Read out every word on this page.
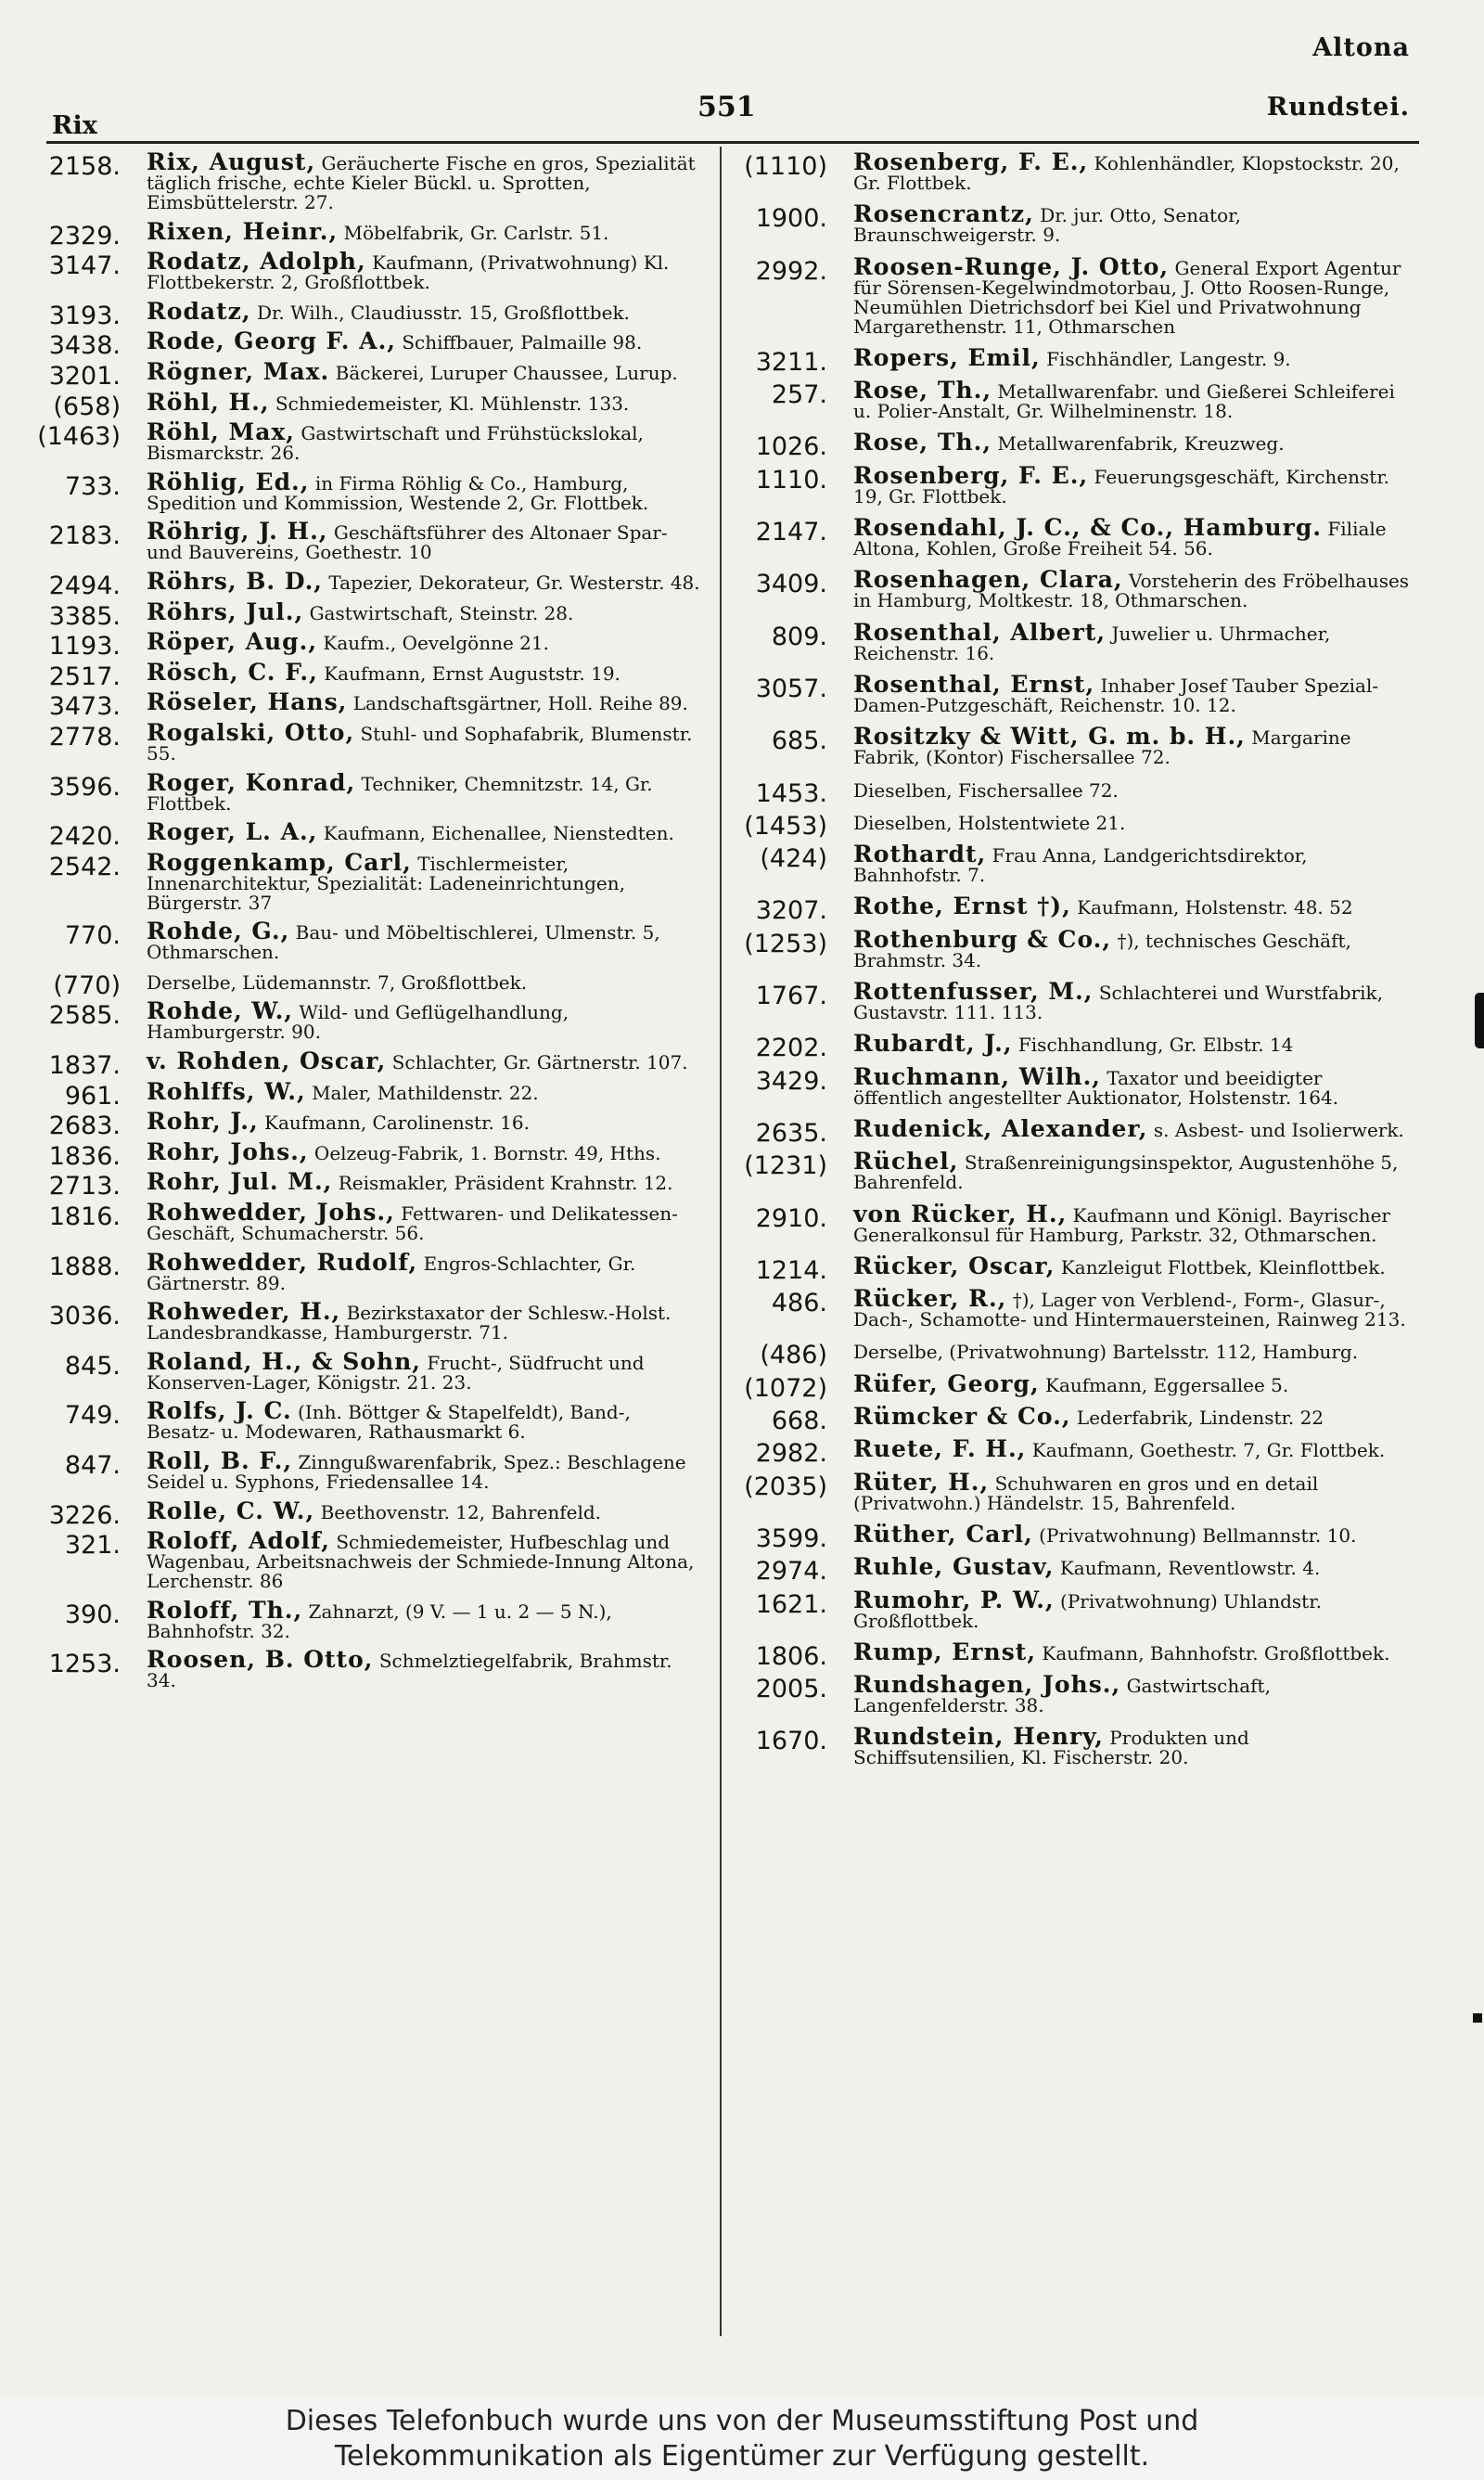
Altona
551
Rix
Rundstei.
2158. Rix, August, Geräucherte Fische en gros, Spezialität täglich frische, echte Kieler Bückl. u. Sprotten, Eimsbüttelerstr. 27.
2329. Rixen, Heinr., Möbelfabrik, Gr. Carlstr. 51.
3147. Rodatz, Adolph, Kaufmann, (Privatwohnung) Kl. Flottbekerstr. 2, Großflottbek.
3193. Rodatz, Dr. Wilh., Claudiusstr. 15, Großflottbek.
3438. Rode, Georg F. A., Schiffbauer, Palmaille 98.
3201. Rögner, Max. Bäckerei, Luruper Chaussee, Lurup.
(658) Röhl, H., Schmiedemeister, Kl. Mühlenstr. 133.
(1463) Röhl, Max, Gastwirtschaft und Frühstückslokal, Bismarckstr. 26.
733. Röhlig, Ed., in Firma Röhlig & Co., Hamburg, Spedition und Kommission, Westende 2, Gr. Flottbek.
2183. Röhrig, J. H., Geschäftsführer des Altonaer Spar- und Bauvereins, Goethestr. 10
2494. Röhrs, B. D., Tapezier, Dekorateur, Gr. Westerstr. 48.
3385. Röhrs, Jul., Gastwirtschaft, Steinstr. 28.
1193. Röper, Aug., Kaufm., Oevelgönne 21.
2517. Rösch, C. F., Kaufmann, Ernst Auguststr. 19.
3473. Röseler, Hans, Landschaftsgärtner, Holl. Reihe 89.
2778. Rogalski, Otto, Stuhl- und Sophafabrik, Blumenstr. 55.
3596. Roger, Konrad, Techniker, Chemnitzstr. 14, Gr. Flottbek.
2420. Roger, L. A., Kaufmann, Eichenallee, Nienstedten.
2542. Roggenkamp, Carl, Tischlermeister, Innenarchitektur, Spezialität: Ladeneinrichtungen, Bürgerstr. 37
770. Rohde, G., Bau- und Möbeltischlerei, Ulmenstr. 5, Othmarschen.
(770) Derselbe, Lüdemannstr. 7, Großflottbek.
2585. Rohde, W., Wild- und Geflügelhandlung, Hamburgerstr. 90.
1837. v. Rohden, Oscar, Schlachter, Gr. Gärtnerstr. 107.
961. Rohlffs, W., Maler, Mathildenstr. 22.
2683. Rohr, J., Kaufmann, Carolinenstr. 16.
1836. Rohr, Johs., Oelzeug-Fabrik, 1. Bornstr. 49, Hths.
2713. Rohr, Jul. M., Reismakler, Präsident Krahnstr. 12.
1816. Rohwedder, Johs., Fettwaren- und Delikatessen-Geschäft, Schumacherstr. 56.
1888. Rohwedder, Rudolf, Engros-Schlachter, Gr. Gärtnerstr. 89.
3036. Rohweder, H., Bezirkstaxator der Schlesw.-Holst. Landesbrandkasse, Hamburgerstr. 71.
845. Roland, H., & Sohn, Frucht-, Südfrucht und Konserven-Lager, Königstr. 21. 23.
749. Rolfs, J. C. (Inh. Böttger & Stapelfeldt), Band-, Besatz- u. Modewaren, Rathausmarkt 6.
847. Roll, B. F., Zinngußwarenfabrik, Spez.: Beschlagene Seidel u. Syphons, Friedensallee 14.
3226. Rolle, C. W., Beethovenstr. 12, Bahrenfeld.
321. Roloff, Adolf, Schmiedemeister, Hufbeschlag und Wagenbau, Arbeitsnachweis der Schmiede-Innung Altona, Lerchenstr. 86
390. Roloff, Th., Zahnarzt, (9 V. — 1 u. 2 — 5 N.), Bahnhofstr. 32.
1253. Roosen, B. Otto, Schmelztiegelfabrik, Brahmstr. 34.
(1110) Rosenberg, F. E., Kohlenhändler, Klopstockstr. 20, Gr. Flottbek.
1900. Rosencrantz, Dr. jur. Otto, Senator, Braunschweigerstr. 9.
2992. Roosen-Runge, J. Otto, General Export Agentur für Sörensen-Kegelwindmotorbau, J. Otto Roosen-Runge, Neumühlen Dietrichsdorf bei Kiel und Privatwohnung Margarethenstr. 11, Othmarschen
3211. Ropers, Emil, Fischhändler, Langestr. 9.
257. Rose, Th., Metallwarenfabr. und Gießerei Schleiferei u. Polier-Anstalt, Gr. Wilhelminenstr. 18.
1026. Rose, Th., Metallwarenfabrik, Kreuzweg.
1110. Rosenberg, F. E., Feuerungsgeschäft, Kirchenstr. 19, Gr. Flottbek.
2147. Rosendahl, J. C., & Co., Hamburg. Filiale Altona, Kohlen, Große Freiheit 54. 56.
3409. Rosenhagen, Clara, Vorsteherin des Fröbelhauses in Hamburg, Moltkestr. 18, Othmarschen.
809. Rosenthal, Albert, Juwelier u. Uhrmacher, Reichenstr. 16.
3057. Rosenthal, Ernst, Inhaber Josef Tauber Spezial-Damen-Putzgeschäft, Reichenstr. 10. 12.
685. Rositzky & Witt, G. m. b. H., Margarine Fabrik, (Kontor) Fischersallee 72.
1453. Dieselben, Fischersallee 72.
(1453) Dieselben, Holstentwiete 21.
(424) Rothardt, Frau Anna, Landgerichtsdirektor, Bahnhofstr. 7.
3207. Rothe, Ernst †), Kaufmann, Holstenstr. 48. 52
(1253) Rothenburg & Co., †), technisches Geschäft, Brahmstr. 34.
1767. Rottenfusser, M., Schlachterei und Wurstfabrik, Gustavstr. 111. 113.
2202. Rubardt, J., Fischhandlung, Gr. Elbstr. 14
3429. Ruchmann, Wilh., Taxator und beeidigter öffentlich angestellter Auktionator, Holstenstr. 164.
2635. Rudenick, Alexander, s. Asbest- und Isolierwerk.
(1231) Rüchel, Straßenreinigungsinspektor, Augustenhöhe 5, Bahrenfeld.
2910. von Rücker, H., Kaufmann und Königl. Bayrischer Generalkonsul für Hamburg, Parkstr. 32, Othmarschen.
1214. Rücker, Oscar, Kanzleigut Flottbek, Kleinflottbek.
486. Rücker, R., †), Lager von Verblend-, Form-, Glasur-, Dach-, Schamotte- und Hintermauersteinen, Rainweg 213.
(486) Derselbe, (Privatwohnung) Bartelsstr. 112, Hamburg.
(1072) Rüfer, Georg, Kaufmann, Eggersallee 5.
668. Rümcker & Co., Lederfabrik, Lindenstr. 22
2982. Ruete, F. H., Kaufmann, Goethestr. 7, Gr. Flottbek.
(2035) Rüter, H., Schuhwaren en gros und en detail (Privatwohn.) Händelstr. 15, Bahrenfeld.
3599. Rüther, Carl, (Privatwohnung) Bellmannstr. 10.
2974. Ruhle, Gustav, Kaufmann, Reventlowstr. 4.
1621. Rumohr, P. W., (Privatwohnung) Uhlandstr. Großflottbek.
1806. Rump, Ernst, Kaufmann, Bahnhofstr. Großflottbek.
2005. Rundshagen, Johs., Gastwirtschaft, Langenfelderstr. 38.
1670. Rundstein, Henry, Produkten und Schiffsutensilien, Kl. Fischerstr. 20.
Dieses Telefonbuch wurde uns von der Museumsstiftung Post und
Telekommunikation als Eigentümer zur Verfügung gestellt.
